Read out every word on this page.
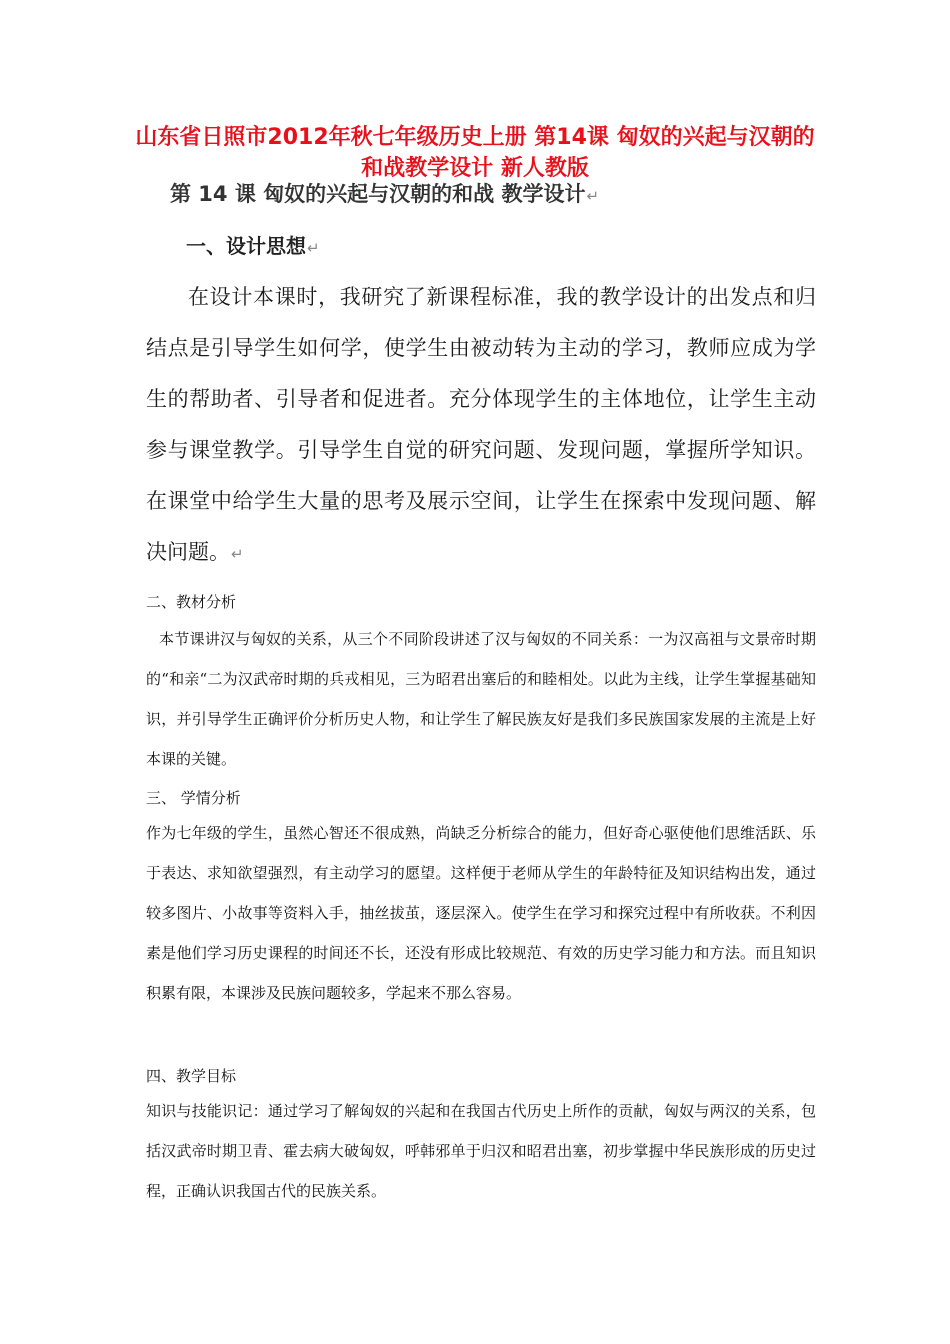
山东省日照市2012年秋七年级历史上册 第14课 匈奴的兴起与汉朝的和战教学设计 新人教版
第 14 课 匈奴的兴起与汉朝的和战 教学设计↵
一、设计思想↵
在设计本课时，我研究了新课程标准，我的教学设计的出发点和归结点是引导学生如何学，使学生由被动转为主动的学习，教师应成为学生的帮助者、引导者和促进者。充分体现学生的主体地位，让学生主动参与课堂教学。引导学生自觉的研究问题、发现问题，掌握所学知识。在课堂中给学生大量的思考及展示空间，让学生在探索中发现问题、解决问题。↵
二、教材分析
本节课讲汉与匈奴的关系，从三个不同阶段讲述了汉与匈奴的不同关系：一为汉高祖与文景帝时期的“和亲“二为汉武帝时期的兵戎相见，三为昭君出塞后的和睦相处。以此为主线，让学生掌握基础知识，并引导学生正确评价分析历史人物，和让学生了解民族友好是我们多民族国家发展的主流是上好本课的关键。
三、 学情分析
作为七年级的学生，虽然心智还不很成熟，尚缺乏分析综合的能力，但好奇心驱使他们思维活跃、乐于表达、求知欲望强烈，有主动学习的愿望。这样便于老师从学生的年龄特征及知识结构出发，通过较多图片、小故事等资料入手，抽丝拔茧，逐层深入。使学生在学习和探究过程中有所收获。不利因素是他们学习历史课程的时间还不长，还没有形成比较规范、有效的历史学习能力和方法。而且知识积累有限，本课涉及民族问题较多，学起来不那么容易。
四、教学目标
知识与技能识记：通过学习了解匈奴的兴起和在我国古代历史上所作的贡献，匈奴与两汉的关系，包括汉武帝时期卫青、霍去病大破匈奴，呼韩邪单于归汉和昭君出塞，初步掌握中华民族形成的历史过程，正确认识我国古代的民族关系。
